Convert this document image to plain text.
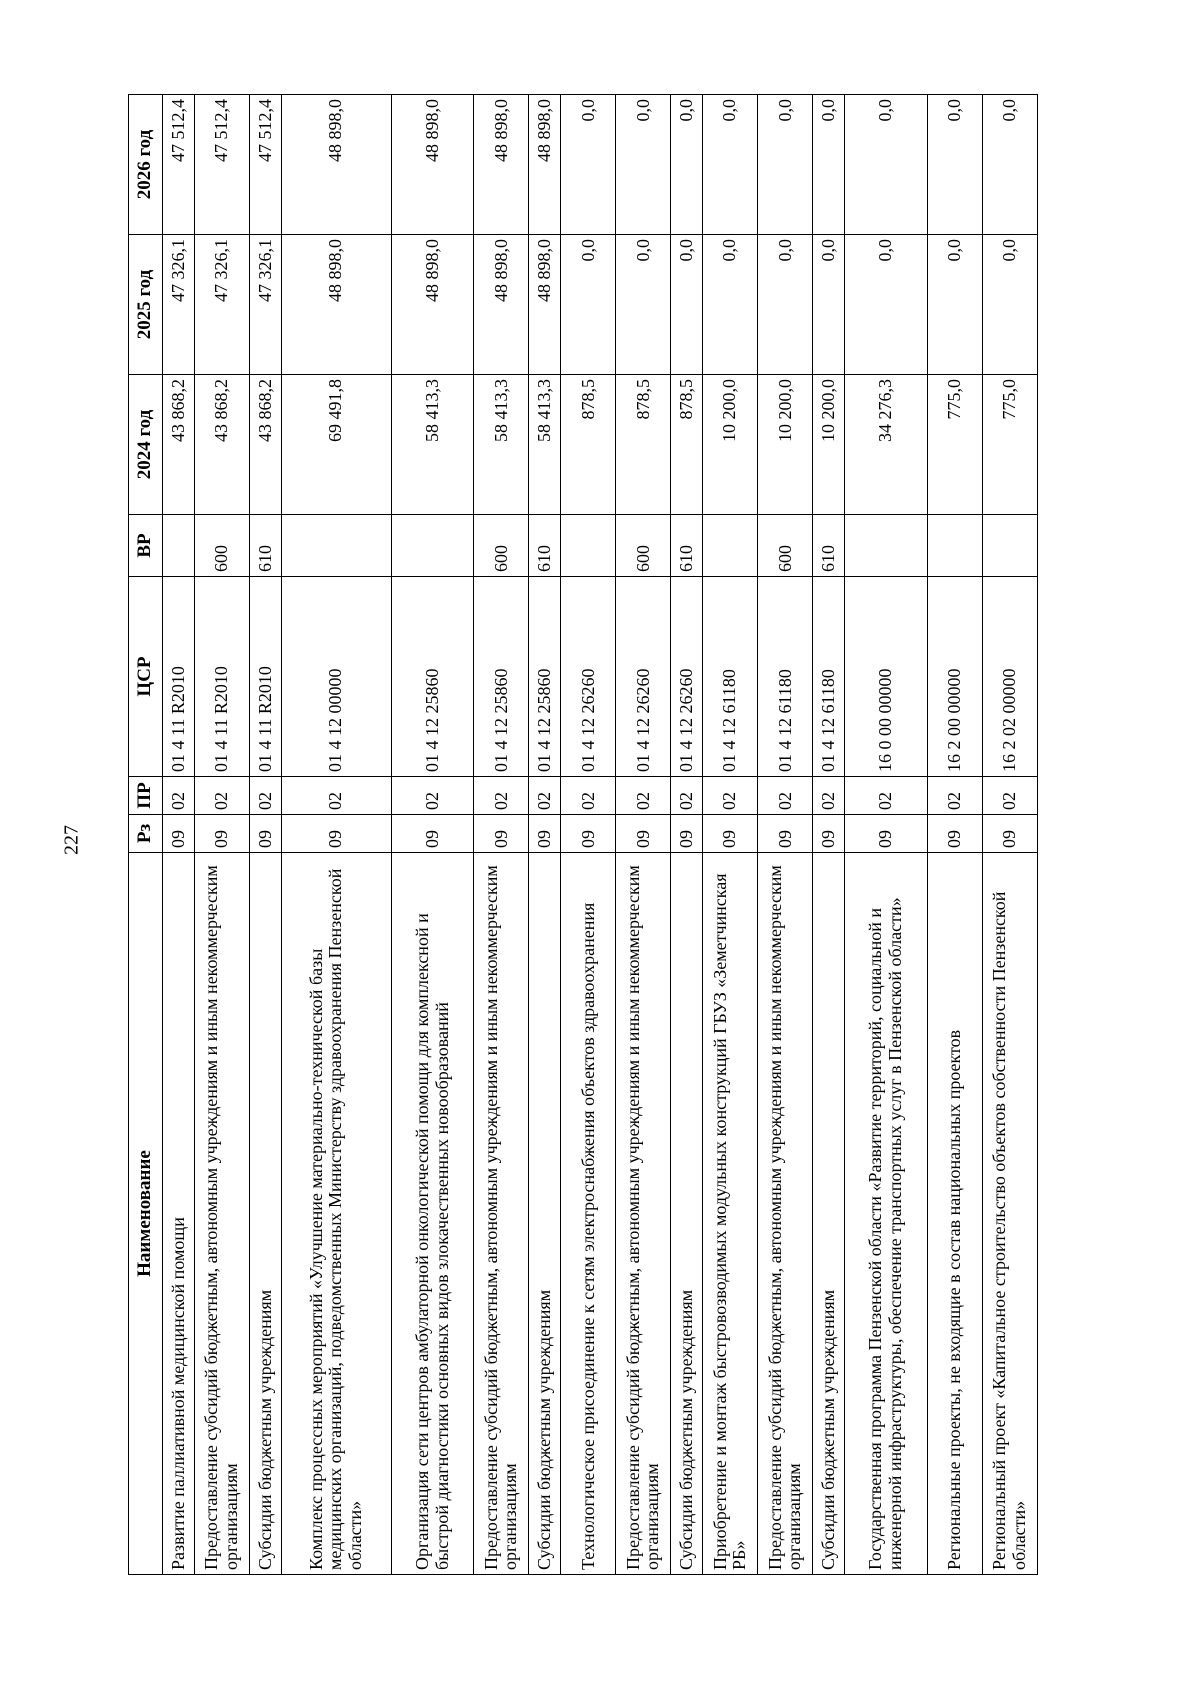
227
Наименование	Рз	ПР	ЦСР	ВР	2024 год	2025 год	2026 год
Развитие паллиативной медицинской помощи	09	02	01 4 11 R2010		43 868,2	47 326,1	47 512,4
Предоставление субсидий бюджетным, автономным учреждениям и иным некоммерческим организациям	09	02	01 4 11 R2010	600	43 868,2	47 326,1	47 512,4
Субсидии бюджетным учреждениям	09	02	01 4 11 R2010	610	43 868,2	47 326,1	47 512,4
Комплекс процессных мероприятий «Улучшение материально-технической базы медицинских организаций, подведомственных Министерству здравоохранения Пензенской области»	09	02	01 4 12 00000		69 491,8	48 898,0	48 898,0
Организация сети центров амбулаторной онкологической помощи для комплексной и быстрой диагностики основных видов злокачественных новообразований	09	02	01 4 12 25860		58 413,3	48 898,0	48 898,0
Предоставление субсидий бюджетным, автономным учреждениям и иным некоммерческим организациям	09	02	01 4 12 25860	600	58 413,3	48 898,0	48 898,0
Субсидии бюджетным учреждениям	09	02	01 4 12 25860	610	58 413,3	48 898,0	48 898,0
Технологическое присоединение к сетям электроснабжения объектов здравоохранения	09	02	01 4 12 26260		878,5	0,0	0,0
Предоставление субсидий бюджетным, автономным учреждениям и иным некоммерческим организациям	09	02	01 4 12 26260	600	878,5	0,0	0,0
Субсидии бюджетным учреждениям	09	02	01 4 12 26260	610	878,5	0,0	0,0
Приобретение и монтаж быстровозводимых модульных конструкций ГБУЗ «Земетчинская РБ»	09	02	01 4 12 61180		10 200,0	0,0	0,0
Предоставление субсидий бюджетным, автономным учреждениям и иным некоммерческим организациям	09	02	01 4 12 61180	600	10 200,0	0,0	0,0
Субсидии бюджетным учреждениям	09	02	01 4 12 61180	610	10 200,0	0,0	0,0
Государственная программа Пензенской области «Развитие территорий, социальной и инженерной инфраструктуры, обеспечение транспортных услуг в Пензенской области»	09	02	16 0 00 00000		34 276,3	0,0	0,0
Региональные проекты, не входящие в состав национальных проектов	09	02	16 2 00 00000		775,0	0,0	0,0
Региональный проект «Капитальное строительство объектов собственности Пензенской области»	09	02	16 2 02 00000		775,0	0,0	0,0
